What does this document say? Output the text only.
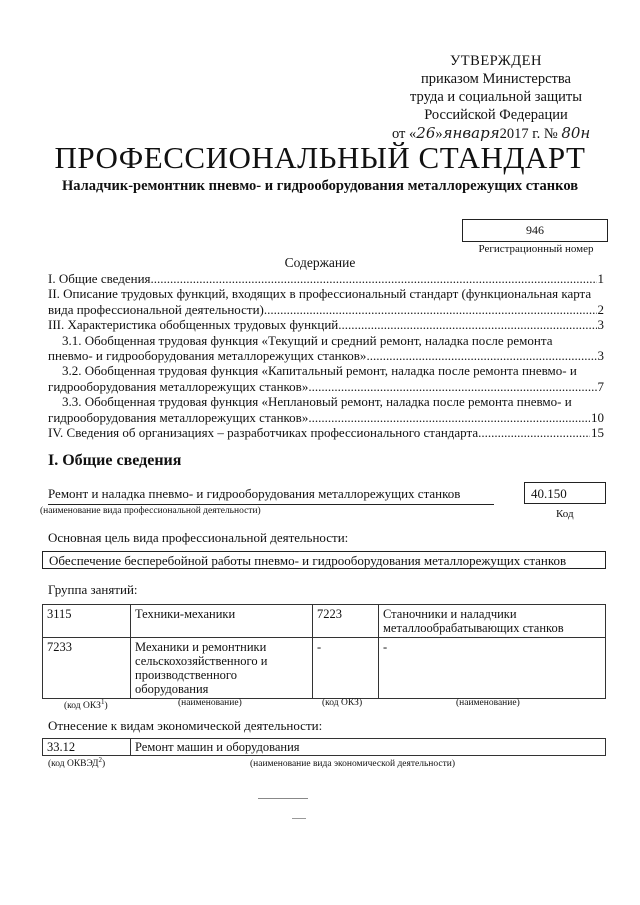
УТВЕРЖДЕН
приказом Министерства
труда и социальной защиты
Российской Федерации
от «26»января2017 г. № 80н
ПРОФЕССИОНАЛЬНЫЙ СТАНДАРТ
Наладчик-ремонтник пневмо- и гидрооборудования металлорежущих станков
946
Регистрационный номер
Содержание
I. Общие сведения .....	1
II. Описание трудовых функций, входящих в профессиональный стандарт (функциональная карта
вида профессиональной деятельности) .....	2
III. Характеристика обобщенных трудовых функций .....	3
3.1. Обобщенная трудовая функция «Текущий и средний ремонт, наладка после ремонта
пневмо- и гидрооборудования металлорежущих станков» .....	3
3.2. Обобщенная трудовая функция «Капитальный ремонт, наладка после ремонта пневмо- и
гидрооборудования металлорежущих станков» .....	7
3.3. Обобщенная трудовая функция «Неплановый ремонт, наладка после ремонта пневмо- и
гидрооборудования металлорежущих станков» .....	10
IV. Сведения об организациях – разработчиках профессионального стандарта .....	15
I. Общие сведения
Ремонт и наладка пневмо- и гидрооборудования металлорежущих станков
(наименование вида профессиональной деятельности)
40.150
Код
Основная цель вида профессиональной деятельности:
Обеспечение бесперебойной работы пневмо- и гидрооборудования металлорежущих станков
Группа занятий:
3115	Техники-механики	7223	Станочники и наладчики металлообрабатывающих станков
7233	Механики и ремонтники сельскохозяйственного и производственного оборудования	-	-
(код ОКЗ$^1$)	(наименование)	(код ОКЗ)	(наименование)
Отнесение к видам экономической деятельности:
33.12	Ремонт машин и оборудования
(код ОКВЭД$^2$)	(наименование вида экономической деятельности)
